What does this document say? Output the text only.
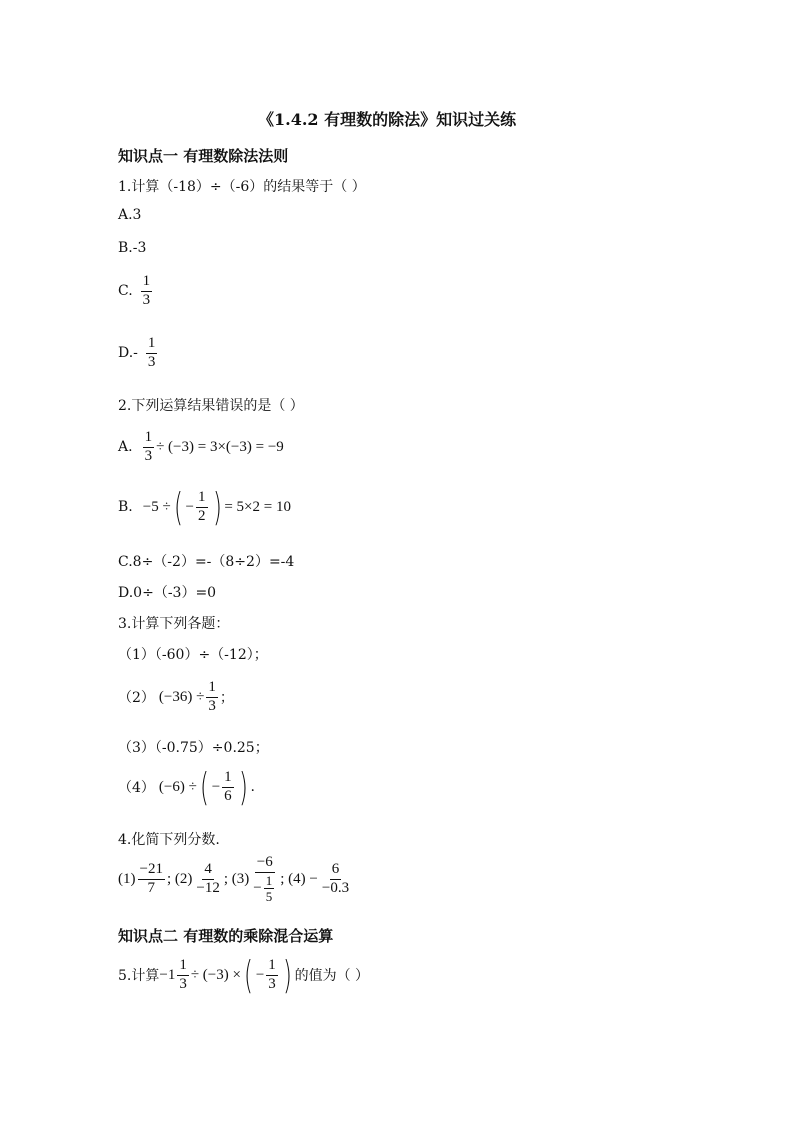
《1.4.2 有理数的除法》知识过关练
知识点一 有理数除法法则
1.计算（-18）÷（-6）的结果等于（ ）
A.3
B.-3
C. $\frac{1}{3}$
$D.- \frac{1}{3}$
2.下列运算结果错误的是（ ）
A. $\frac{1}{3} \div (-3) = 3\times(-3) = -9$
B. −5 ÷ ( − $\frac{1}{2}$ ) = 5×2 = 10
C.8÷（-2）=-（8÷2）=-4
D.0÷（-3）=0
3.计算下列各题：
（1）（-60）÷（-12）；
（2） $(-36) \div \frac{1}{3}$ ；
（3）（-0.75）÷0.25；
（4） (−6) ÷ ( − $\frac{1}{6}$ ) .
4.化简下列分数.
$(1) \frac{-21}{7}$ ; $(2) \frac{4}{-12}$ ; $(3) \frac{-6}{- \frac{1}{5}}$ ; $(4) - \frac{6}{-0.3}$
知识点二 有理数的乘除混合运算
5.计算 $-1 \frac{1}{3} \div (-3)$ × ( − $\frac{1}{3}$ ) 的值为（ ）
